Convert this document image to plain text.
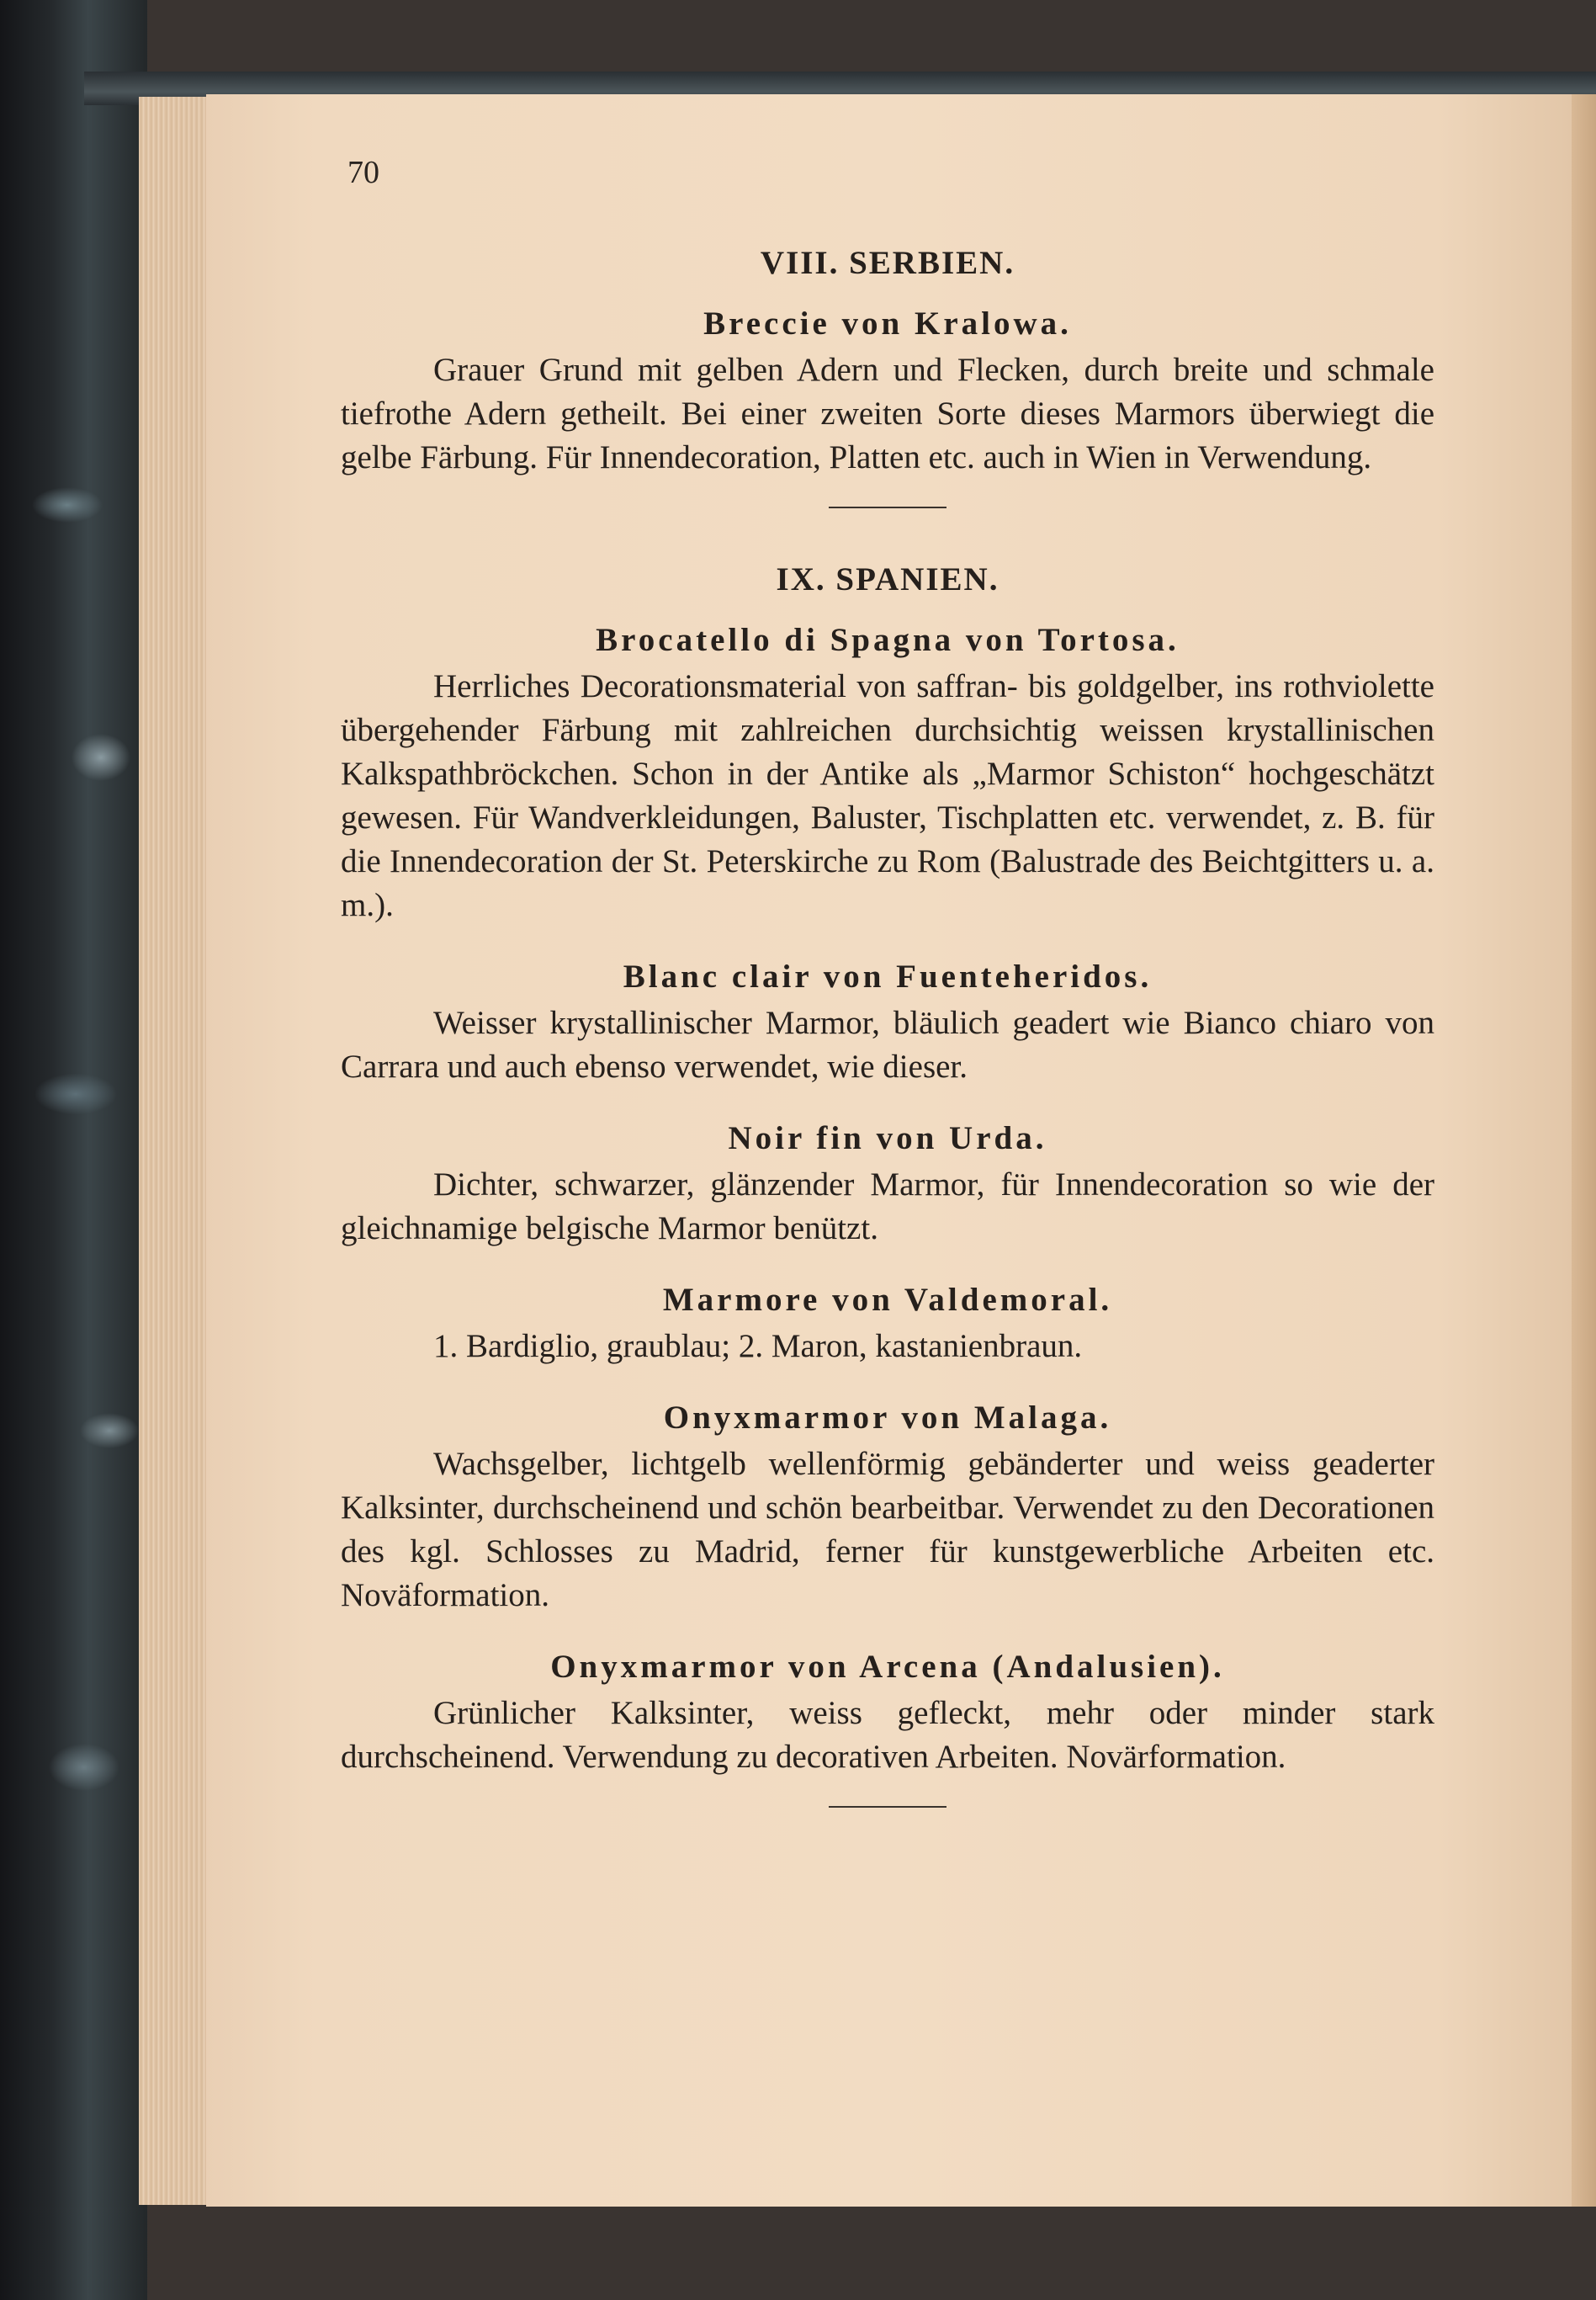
70
VIII. SERBIEN.
Breccie von Kralowa.

Grauer Grund mit gelben Adern und Flecken, durch breite und schmale tiefrothe Adern getheilt. Bei einer zweiten Sorte dieses Marmors überwiegt die gelbe Färbung. Für Innendecoration, Platten etc. auch in Wien in Verwendung.

IX. SPANIEN.
Brocatello di Spagna von Tortosa.

Herrliches Decorationsmaterial von saffran- bis goldgelber, ins rothviolette übergehender Färbung mit zahlreichen durchsichtig weissen krystallinischen Kalkspathbröckchen. Schon in der Antike als „Marmor Schiston“ hochgeschätzt gewesen. Für Wandverkleidungen, Baluster, Tischplatten etc. verwendet, z. B. für die Innendecoration der St. Peterskirche zu Rom (Balustrade des Beichtgitters u. a. m.).

Blanc clair von Fuenteheridos.

Weisser krystallinischer Marmor, bläulich geadert wie Bianco chiaro von Carrara und auch ebenso verwendet, wie dieser.

Noir fin von Urda.

Dichter, schwarzer, glänzender Marmor, für Innendecoration so wie der gleichnamige belgische Marmor benützt.

Marmore von Valdemoral.

1. Bardiglio, graublau; 2. Maron, kastanienbraun.

Onyxmarmor von Malaga.

Wachsgelber, lichtgelb wellenförmig gebänderter und weiss geaderter Kalksinter, durchscheinend und schön bearbeitbar. Verwendet zu den Decorationen des kgl. Schlosses zu Madrid, ferner für kunstgewerbliche Arbeiten etc. Noväformation.

Onyxmarmor von Arcena (Andalusien).

Grünlicher Kalksinter, weiss gefleckt, mehr oder minder stark durchscheinend. Verwendung zu decorativen Arbeiten. Novärformation.
